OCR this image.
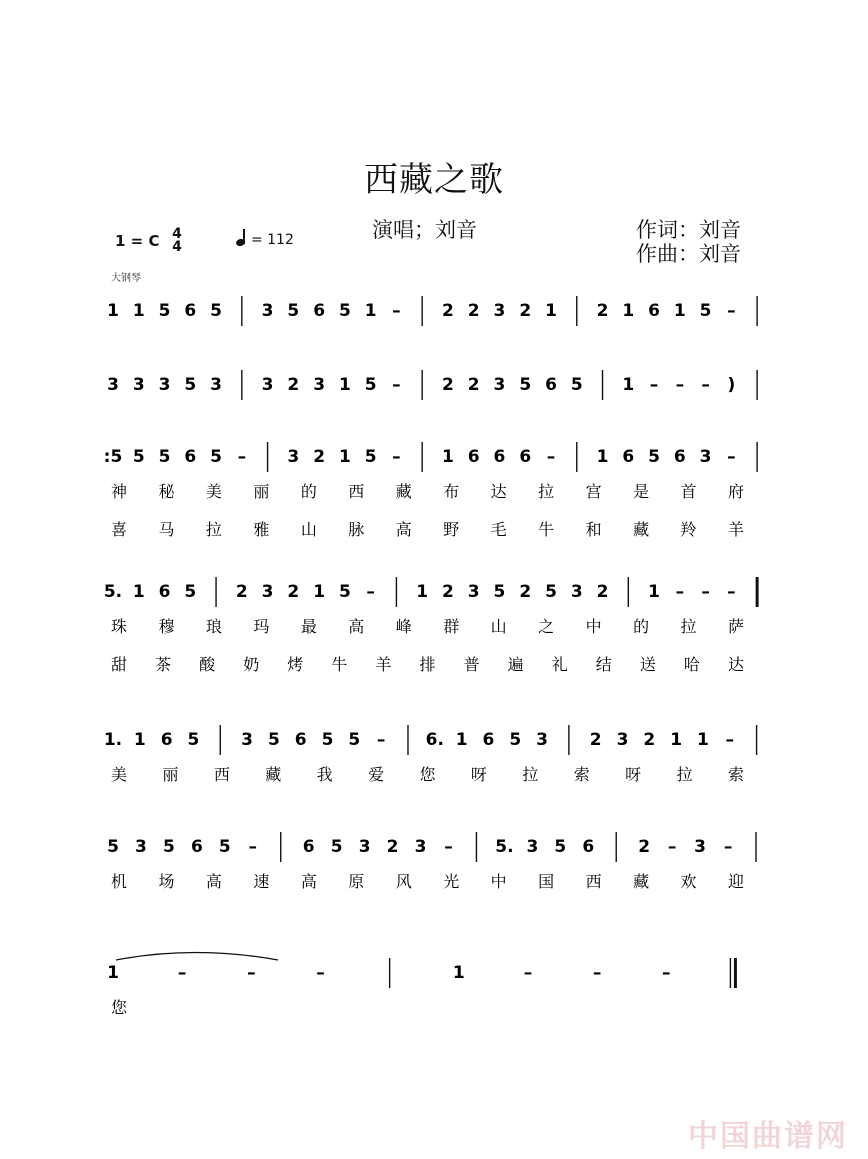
西藏之歌
演唱；刘音	作词：刘音
作曲：刘音
1 = C 4
4	= 112
大钢琴
1 1 5 6 5 3 5 6 5 1 – 2 2 3 2 1 2 1 6 1 5 –
3 3 3 5 3 3 2 3 1 5 – 2 2 3 5 6 5 1 – – – )
:5 5 5 6 5 – 3 2 1 5 – 1 6 6 6 – 1 6 5 6 3 –
神 秘 美 丽 的 西 藏 布 达 拉 宫 是 首 府
喜 马 拉 雅 山 脉 高 野 毛 牛 和 藏 羚 羊
5. 1 6 5 2 3 2 1 5 – 1 2 3 5 2 5 3 2 1 – – –
珠 穆 琅 玛 最 高 峰 群 山 之 中 的 拉 萨
甜 茶 酸 奶 烤 牛 羊 排 普 遍 礼 结 送 哈 达
1. 1 6 5 3 5 6 5 5 – 6. 1 6 5 3 2 3 2 1 1 –
美 丽 西 藏 我 爱 您 呀 拉 索 呀 拉 索
5 3 5 6 5 –	6 5 3 2 3 –	5. 3 5 6	2 – 3 –
机 场 高 速 高 原 风 光 中 国 西 藏 欢 迎
1	–	–	–	1	–	–	–
您
中国曲谱网
